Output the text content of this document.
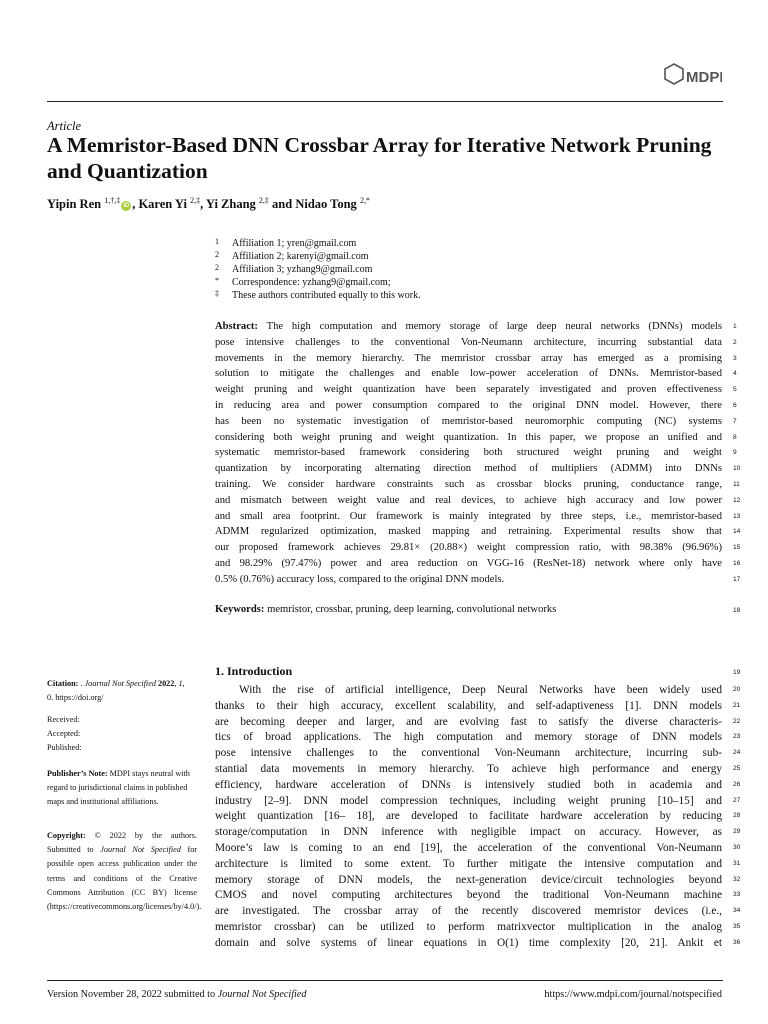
MDPI
Article
A Memristor-Based DNN Crossbar Array for Iterative Network Pruning and Quantization
Yipin Ren $^{1,\dagger,\ddagger}$iD , Karen Yi $^{2,\ddagger}$, Yi Zhang $^{2,\ddagger}$ and Nidao Tong $^{2,*}$
1	Affiliation 1; yren@gmail.com
2	Affiliation 2; karenyi@gmail.com
2	Affiliation 3; yzhang9@gmail.com
*	Correspondence: yzhang9@gmail.com;
‡	These authors contributed equally to this work.
Abstract: The high computation and memory storage of large deep neural networks (DNNs) models
pose intensive challenges to the conventional Von-Neumann architecture, incurring substantial data
movements in the memory hierarchy. The memristor crossbar array has emerged as a promising
solution to mitigate the challenges and enable low-power acceleration of DNNs. Memristor-based
weight pruning and weight quantization have been separately investigated and proven effectiveness
in reducing area and power consumption compared to the original DNN model. However, there
has been no systematic investigation of memristor-based neuromorphic computing (NC) systems
considering both weight pruning and weight quantization. In this paper, we propose an unified and
systematic memristor-based framework considering both structured weight pruning and weight
quantization by incorporating alternating direction method of multipliers (ADMM) into DNNs
training. We consider hardware constraints such as crossbar blocks pruning, conductance range,
and mismatch between weight value and real devices, to achieve high accuracy and low power
and small area footprint. Our framework is mainly integrated by three steps, i.e., memristor-based
ADMM regularized optimization, masked mapping and retraining. Experimental results show that
our proposed framework achieves 29.81× (20.88×) weight compression ratio, with 98.38% (96.96%)
and 98.29% (97.47%) power and area reduction on VGG-16 (ResNet-18) network where only have
0.5% (0.76%) accuracy loss, compared to the original DNN models.
1
2
3
4
5
6
7
8
9
10
11
12
13
14
15
16
17
Keywords: memristor, crossbar, pruning, deep learning, convolutional networks	18

Citation: . Journal Not Specified 2022, 1,

0. https://doi.org/

Received:

Accepted:

Published:

Publisher’s Note: MDPI stays neutral with regard to jurisdictional claims in published maps and institutional affiliations.

Copyright: © 2022 by the authors. Submitted to Journal Not Specified for possible open access publication under the terms and conditions of the Creative Commons Attribution (CC BY) license (https://creativecommons.org/licenses/by/4.0/).

1. Introduction	19
With the rise of artificial intelligence, Deep Neural Networks have been widely used
thanks to their high accuracy, excellent scalability, and self-adaptiveness [1]. DNN models
are becoming deeper and larger, and are evolving fast to satisfy the diverse characteris-
tics of broad applications. The high computation and memory storage of DNN models
pose intensive challenges to the conventional Von-Neumann architecture, incurring sub-
stantial data movements in memory hierarchy. To achieve high performance and energy
efficiency, hardware acceleration of DNNs is intensively studied both in academia and
industry [2–9]. DNN model compression techniques, including weight pruning [10–15] and
weight quantization [16– 18], are developed to facilitate hardware acceleration by reducing
storage/computation in DNN inference with negligible impact on accuracy. However, as
Moore’s law is coming to an end [19], the acceleration of the conventional Von-Neumann
architecture is limited to some extent. To further mitigate the intensive computation and
memory storage of DNN models, the next-generation device/circuit technologies beyond
CMOS and novel computing architectures beyond the traditional Von-Neumann machine
are investigated. The crossbar array of the recently discovered memristor devices (i.e.,
memristor crossbar) can be utilized to perform matrixvector multiplication in the analog
domain and solve systems of linear equations in O(1) time complexity [20, 21]. Ankit et
20
21
22
23
24
25
26
27
28
29
30
31
32
33
34
35
36
Version November 28, 2022 submitted to Journal Not Specified	https://www.mdpi.com/journal/notspecified
